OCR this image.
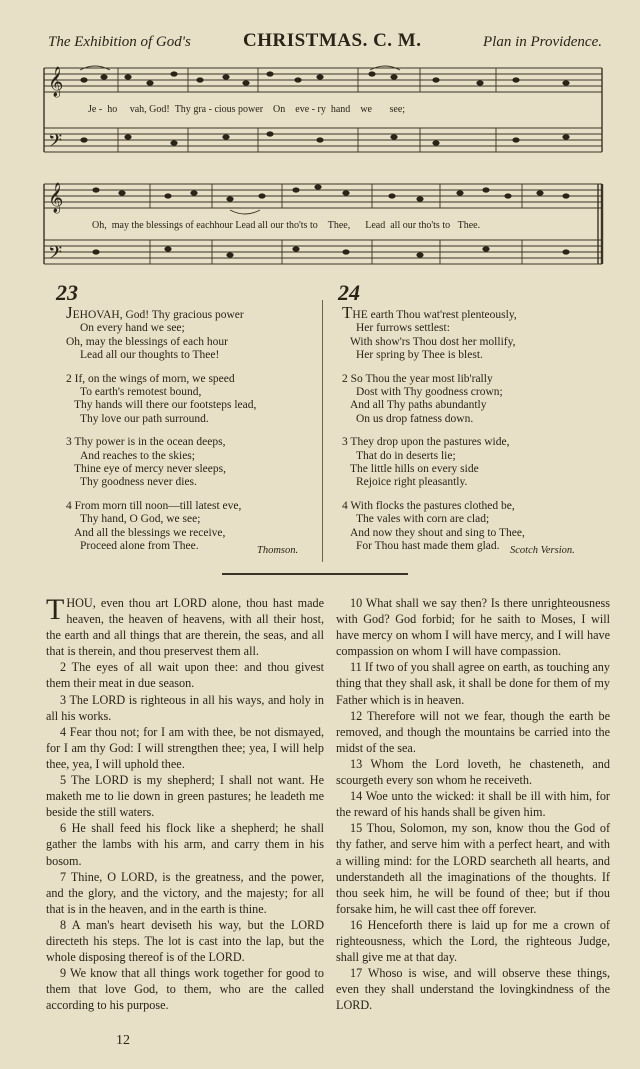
The Exhibition of God's	CHRISTMAS. C. M.	Plan in Providence.
𝄞
𝄢
Je - ho vah, God! Thy gra - cious power On eve - ry hand we see;
𝄞
𝄢
Oh, may the blessings of eachhour Lead all our tho'ts to Thee, Lead all our tho'ts to Thee.
23
JEHOVAH, God! Thy gracious power
On every hand we see;
Oh, may the blessings of each hour
Lead all our thoughts to Thee!
2 If, on the wings of morn, we speed
To earth's remotest bound,
Thy hands will there our footsteps lead,
Thy love our path surround.
3 Thy power is in the ocean deeps,
And reaches to the skies;
Thine eye of mercy never sleeps,
Thy goodness never dies.
4 From morn till noon—till latest eve,
Thy hand, O God, we see;
And all the blessings we receive,
Proceed alone from Thee.	Thomson.
24
THE earth Thou wat'rest plenteously,
Her furrows settlest:
With show'rs Thou dost her mollify,
Her spring by Thee is blest.
2 So Thou the year most lib'rally
Dost with Thy goodness crown;
And all Thy paths abundantly
On us drop fatness down.
3 They drop upon the pastures wide,
That do in deserts lie;
The little hills on every side
Rejoice right pleasantly.
4 With flocks the pastures clothed be,
The vales with corn are clad;
And now they shout and sing to Thee,
For Thou hast made them glad. Scotch Version.

THOU, even thou art LORD alone, thou hast made heaven, the heaven of heavens, with all their host, the earth and all things that are therein, the seas, and all that is therein, and thou preservest them all.

2 The eyes of all wait upon thee: and thou givest them their meat in due season.

3 The LORD is righteous in all his ways, and holy in all his works.

4 Fear thou not; for I am with thee, be not dismayed, for I am thy God: I will strengthen thee; yea, I will help thee, yea, I will uphold thee.

5 The LORD is my shepherd; I shall not want. He maketh me to lie down in green pastures; he leadeth me beside the still waters.

6 He shall feed his flock like a shepherd; he shall gather the lambs with his arm, and carry them in his bosom.

7 Thine, O LORD, is the greatness, and the power, and the glory, and the victory, and the majesty; for all that is in the heaven, and in the earth is thine.

8 A man's heart deviseth his way, but the LORD directeth his steps. The lot is cast into the lap, but the whole disposing thereof is of the LORD.

9 We know that all things work together for good to them that love God, to them, who are the called according to his purpose.

10 What shall we say then? Is there unrighteousness with God? God forbid; for he saith to Moses, I will have mercy on whom I will have mercy, and I will have compassion on whom I will have compassion.

11 If two of you shall agree on earth, as touching any thing that they shall ask, it shall be done for them of my Father which is in heaven.

12 Therefore will not we fear, though the earth be removed, and though the mountains be carried into the midst of the sea.

13 Whom the Lord loveth, he chasteneth, and scourgeth every son whom he receiveth.

14 Woe unto the wicked: it shall be ill with him, for the reward of his hands shall be given him.

15 Thou, Solomon, my son, know thou the God of thy father, and serve him with a perfect heart, and with a willing mind: for the LORD searcheth all hearts, and understandeth all the imaginations of the thoughts. If thou seek him, he will be found of thee; but if thou forsake him, he will cast thee off forever.

16 Henceforth there is laid up for me a crown of righteousness, which the Lord, the righteous Judge, shall give me at that day.

17 Whoso is wise, and will observe these things, even they shall understand the lovingkindness of the LORD.

12
